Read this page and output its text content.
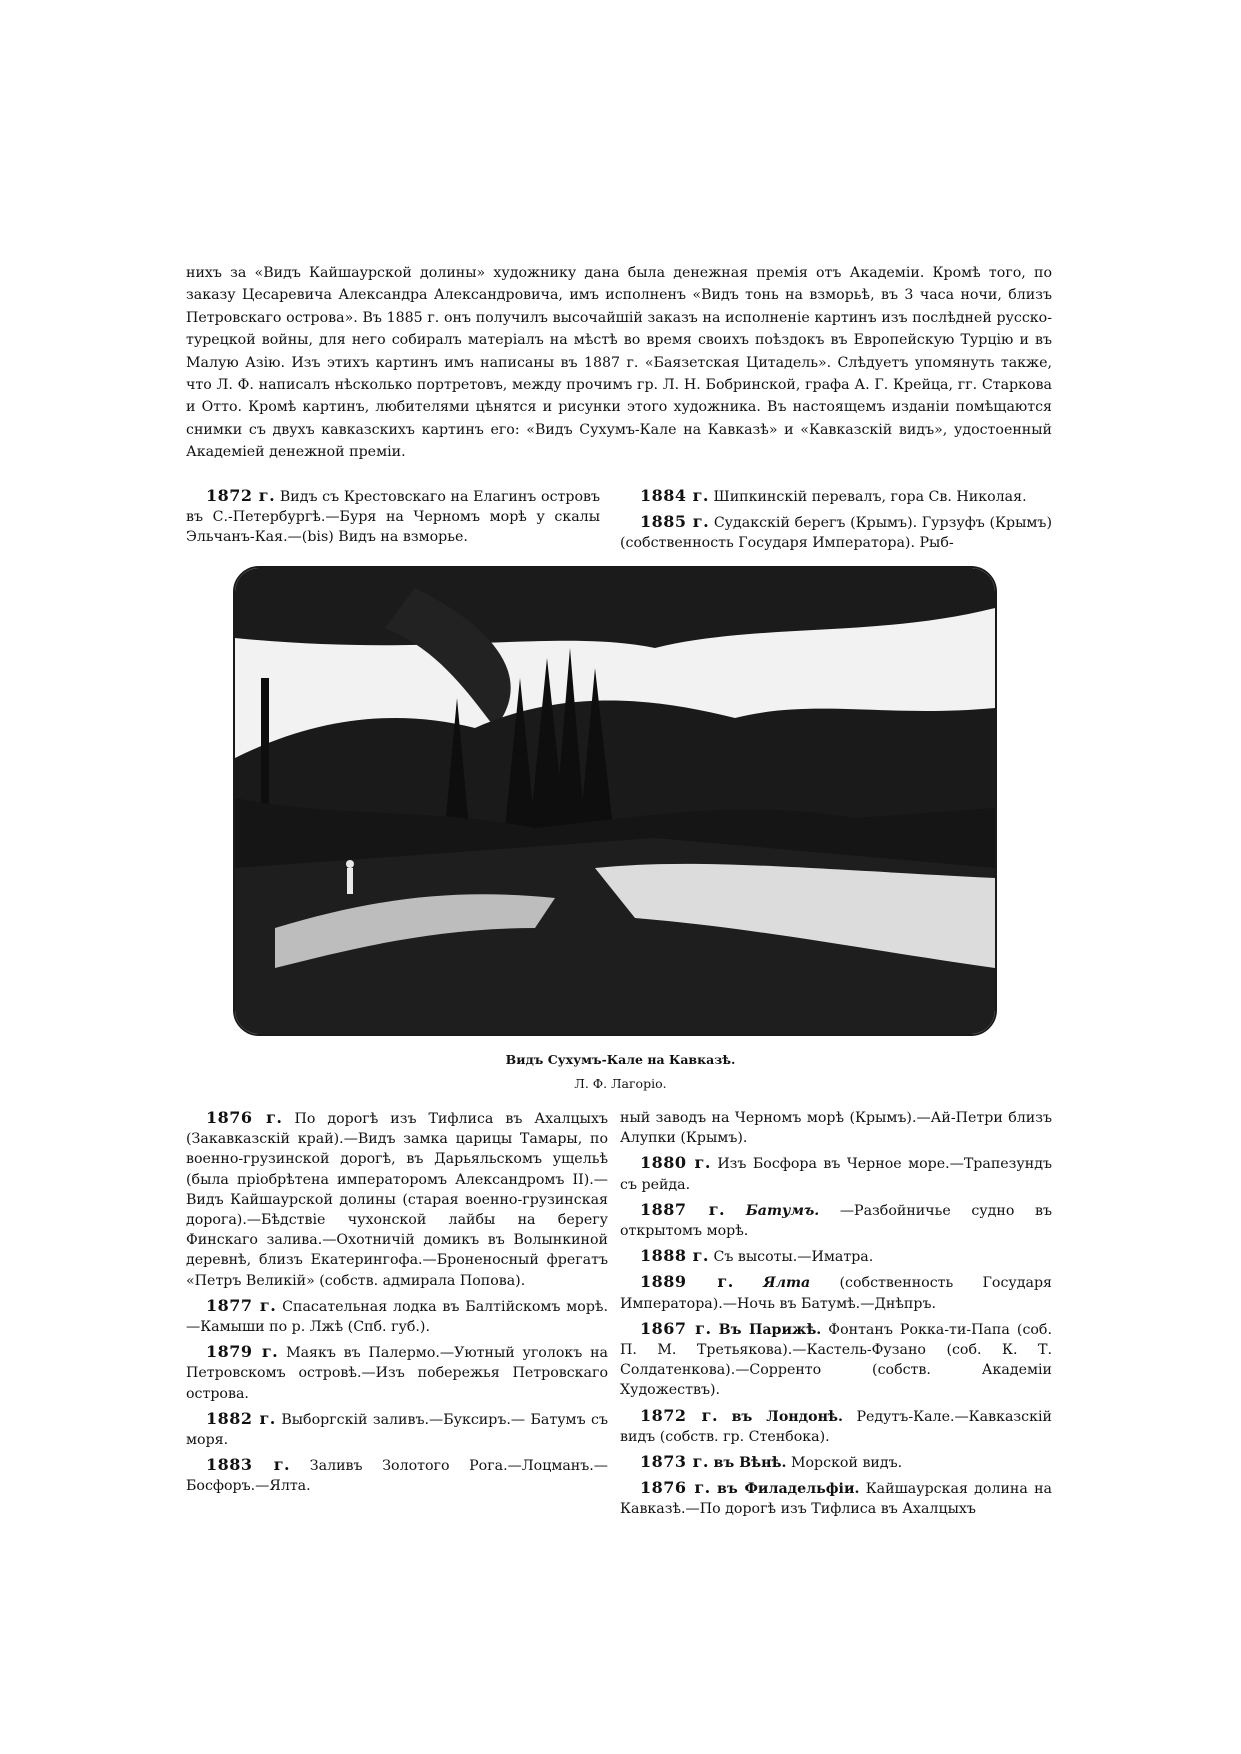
ниxъ за «Видъ Кайшаурской долины» художнику дана была денежная премія отъ Академіи. Кромѣ того, по заказу Цесаревича Александра Александровича, имъ исполненъ «Видъ тонь на взморьѣ, въ 3 часа ночи, близъ Петровскаго острова». Въ 1885 г. онъ получилъ высочайшій заказъ на исполненіе картинъ изъ послѣдней русско-турецкой войны, для него собиралъ матеріалъ на мѣстѣ во время своихъ поѣздокъ въ Европейскую Турцію и въ Малую Азію. Изъ этихъ картинъ имъ написаны въ 1887 г. «Баязетская Цитадель». Слѣдуетъ упомянуть также, что Л. Ф. написалъ нѣсколько портретовъ, между прочимъ гр. Л. Н. Бобринской, графа А. Г. Крейца, гг. Старкова и Отто. Кромѣ картинъ, любителями цѣнятся и рисунки этого художника. Въ настоящемъ изданіи помѣщаются снимки съ двухъ кавказскихъ картинъ его: «Видъ Сухумъ-Кале на Кавказѣ» и «Кавказскій видъ», удостоенный Академіей денежной преміи.

1872 г. Видъ съ Крестовскаго на Елагинъ островъ въ С.-Петербургѣ.—Буря на Черномъ морѣ у скалы Эльчанъ-Кая.—(bis) Видъ на взморье.

1884 г. Шипкинскій перевалъ, гора Св. Николая.

1885 г. Судакскій берегъ (Крымъ). Гурзуфъ (Крымъ) (собственность Государя Императора). Рыб-

Видъ Сухумъ-Кале на Кавказѣ.
Л. Ф. Лагоріо.

1876 г. По дорогѣ изъ Тифлиса въ Ахалцыхъ (Закавказскій край).—Видъ замка царицы Тамары, по военно-грузинской дорогѣ, въ Дарьяльскомъ ущельѣ (была пріобрѣтена императоромъ Александромъ II).—Видъ Кайшаурской долины (старая военно-грузинская дорога).—Бѣдствіе чухонской лайбы на берегу Финскаго залива.—Охотничій домикъ въ Волынкиной деревнѣ, близъ Екатерингофа.—Броненосный фрегатъ «Петръ Великій» (собств. адмирала Попова).

1877 г. Спасательная лодка въ Балтійскомъ морѣ.—Камыши по р. Лжѣ (Спб. губ.).

1879 г. Маякъ въ Палермо.—Уютный уголокъ на Петровскомъ островѣ.—Изъ побережья Петровскаго острова.

1882 г. Выборгскій заливъ.—Буксиръ.— Батумъ съ моря.

1883 г. Заливъ Золотого Рога.—Лоцманъ.—Босфоръ.—Ялта.

ный заводъ на Черномъ морѣ (Крымъ).—Ай-Петри близъ Алупки (Крымъ).

1880 г. Изъ Босфора въ Черное море.—Трапезундъ съ рейда.

1887 г. Батумъ. —Разбойничье судно въ открытомъ морѣ.

1888 г. Съ высоты.—Иматра.

1889 г. Ялта (собственность Государя Императора).—Ночь въ Батумѣ.—Днѣпръ.

1867 г. Въ Парижѣ. Фонтанъ Рокка-ти-Папа (соб. П. М. Третьякова).—Кастель-Фузано (соб. К. Т. Солдатенкова).—Сорренто (собств. Академіи Художествъ).

1872 г. въ Лондонѣ. Редутъ-Кале.—Кавказскій видъ (собств. гр. Стенбока).

1873 г. въ Вѣнѣ. Морской видъ.

1876 г. въ Филадельфіи. Кайшаурская долина на Кавказѣ.—По дорогѣ изъ Тифлиса въ Ахалцыхъ
